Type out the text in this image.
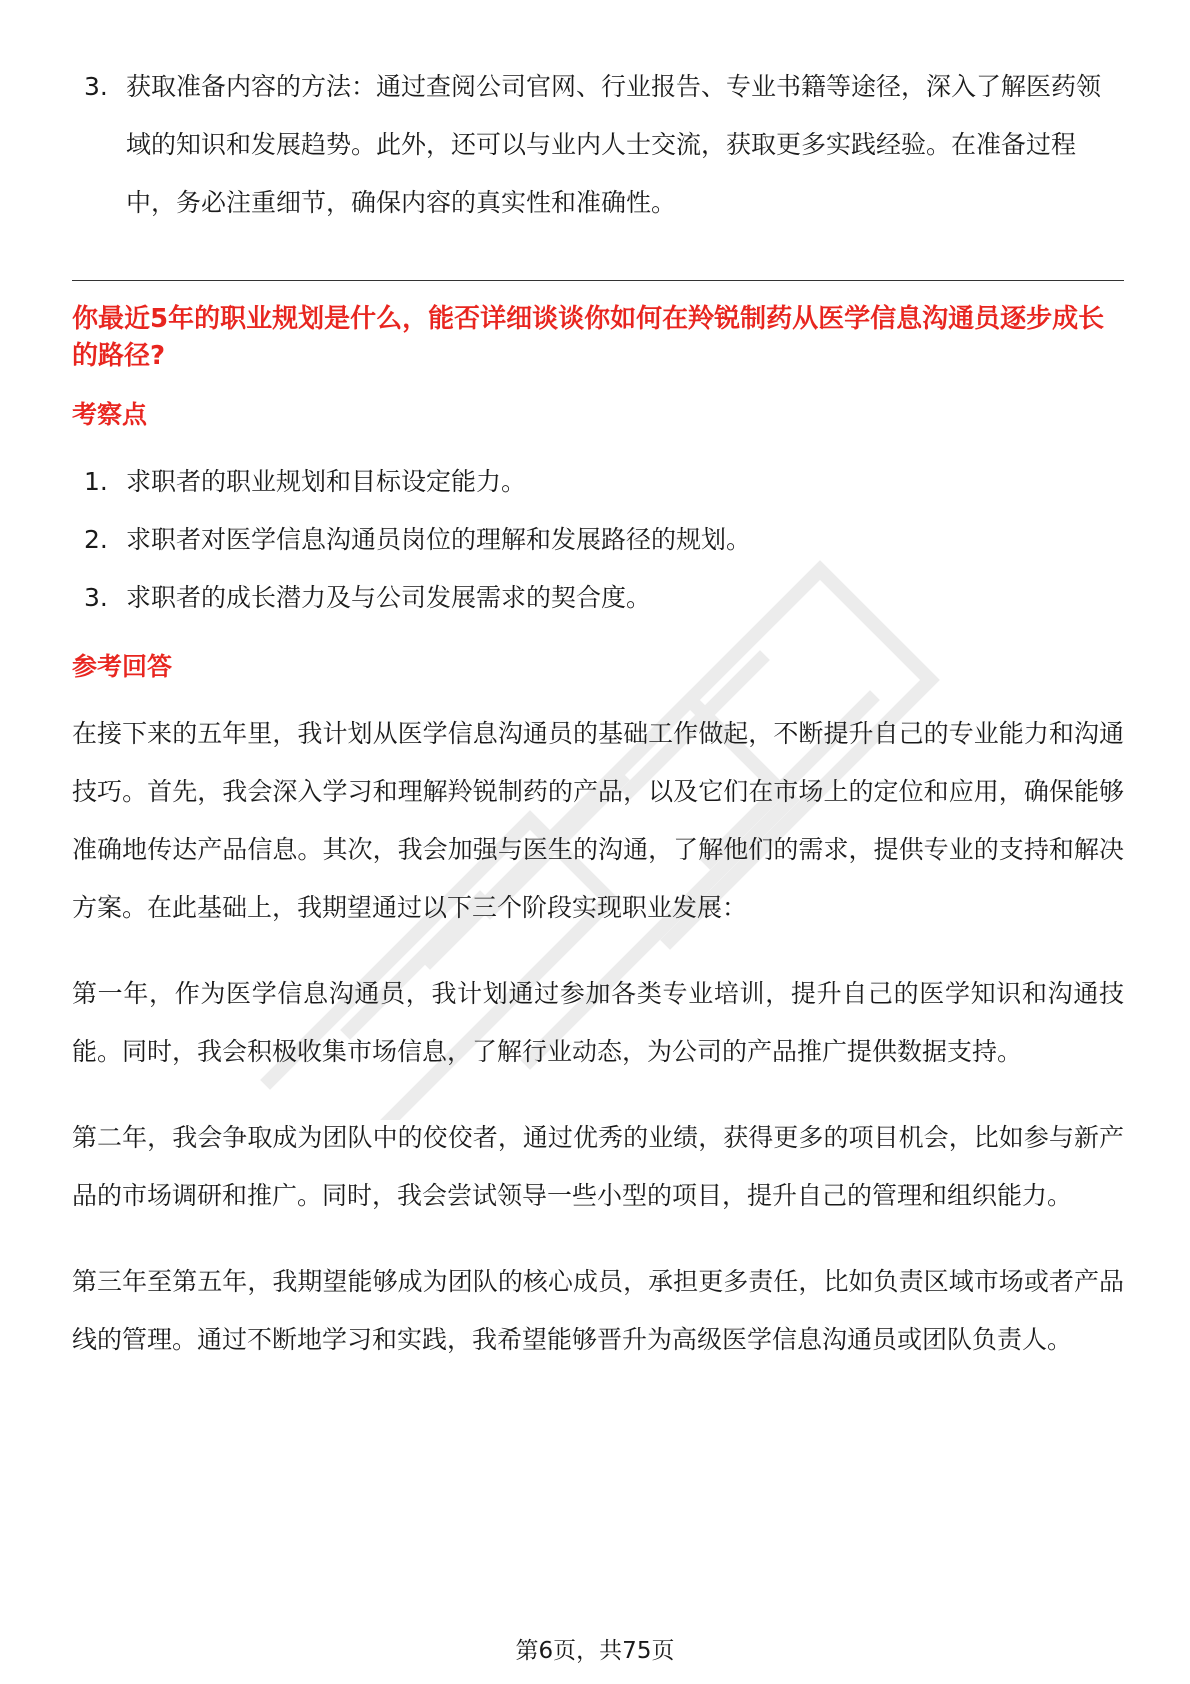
3. 获取准备内容的方法：通过查阅公司官网、行业报告、专业书籍等途径，深入了解医药领域的知识和发展趋势。此外，还可以与业内人士交流，获取更多实践经验。在准备过程中，务必注重细节，确保内容的真实性和准确性。

你最近5年的职业规划是什么，能否详细谈谈你如何在羚锐制药从医学信息沟通员逐步成长的路径?

考察点
1. 求职者的职业规划和目标设定能力。
2. 求职者对医学信息沟通员岗位的理解和发展路径的规划。
3. 求职者的成长潜力及与公司发展需求的契合度。
参考回答

在接下来的五年里，我计划从医学信息沟通员的基础工作做起，不断提升自己的专业能力和沟通技巧。首先，我会深入学习和理解羚锐制药的产品，以及它们在市场上的定位和应用，确保能够准确地传达产品信息。其次，我会加强与医生的沟通，了解他们的需求，提供专业的支持和解决方案。在此基础上，我期望通过以下三个阶段实现职业发展：

第一年，作为医学信息沟通员，我计划通过参加各类专业培训，提升自己的医学知识和沟通技能。同时，我会积极收集市场信息，了解行业动态，为公司的产品推广提供数据支持。

第二年，我会争取成为团队中的佼佼者，通过优秀的业绩，获得更多的项目机会，比如参与新产品的市场调研和推广。同时，我会尝试领导一些小型的项目，提升自己的管理和组织能力。

第三年至第五年，我期望能够成为团队的核心成员，承担更多责任，比如负责区域市场或者产品线的管理。通过不断地学习和实践，我希望能够晋升为高级医学信息沟通员或团队负责人。

第6页，共75页
